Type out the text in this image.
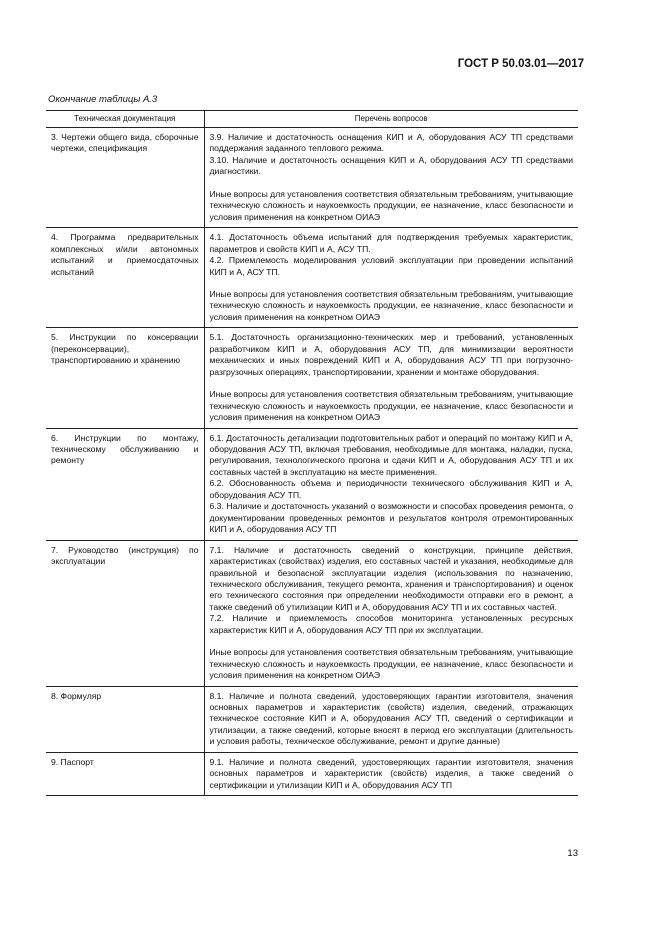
ГОСТ Р 50.03.01—2017
Окончание таблицы А.3
Техническая документация	Перечень вопросов
3. Чертежи общего вида, сборочные чертежи, спецификация	3.9. Наличие и достаточность оснащения КИП и А, оборудования АСУ ТП средствами поддержания заданного теплового режима.
3.10. Наличие и достаточность оснащения КИП и А, оборудования АСУ ТП средствами диагностики.
Иные вопросы для установления соответствия обязательным требованиям, учитывающие техническую сложность и наукоемкость продукции, ее назначение, класс безопасности и условия применения на конкретном ОИАЭ

4. Программа предварительных комплексных и/или автономных испытаний и приемосдаточных испытаний	4.1. Достаточность объема испытаний для подтверждения требуемых характеристик, параметров и свойств КИП и А, АСУ ТП.
4.2. Приемлемость моделирования условий эксплуатации при проведении испытаний КИП и А, АСУ ТП.
Иные вопросы для установления соответствия обязательным требованиям, учитывающие техническую сложность и наукоемкость продукции, ее назначение, класс безопасности и условия применения на конкретном ОИАЭ

5. Инструкции по консервации (переконсервации), транспортированию и хранению	5.1. Достаточность организационно-технических мер и требований, установленных разработчиком КИП и А, оборудования АСУ ТП, для минимизации вероятности механических и иных повреждений КИП и А, оборудования АСУ ТП при погрузочно-разгрузочных операциях, транспортировании, хранении и монтаже оборудования.
Иные вопросы для установления соответствия обязательным требованиям, учитывающие техническую сложность и наукоемкость продукции, ее назначение, класс безопасности и условия применения на конкретном ОИАЭ

6. Инструкции по монтажу, техническому обслуживанию и ремонту	6.1. Достаточность детализации подготовительных работ и операций по монтажу КИП и А, оборудования АСУ ТП, включая требования, необходимые для монтажа, наладки, пуска, регулирования, технологического прогона и сдачи КИП и А, оборудования АСУ ТП и их составных частей в эксплуатацию на месте применения.
6.2. Обоснованность объема и периодичности технического обслуживания КИП и А, оборудования АСУ ТП.
6.3. Наличие и достаточность указаний о возможности и способах проведения ремонта, о документировании проведенных ремонтов и результатов контроля отремонтированных КИП и А, оборудования АСУ ТП

7. Руководство (инструкция) по эксплуатации	7.1. Наличие и достаточность сведений о конструкции, принципе действия, характеристиках (свойствах) изделия, его составных частей и указания, необходимые для правильной и безопасной эксплуатации изделия (использования по назначению, технического обслуживания, текущего ремонта, хранения и транспортирования) и оценок его технического состояния при определении необходимости отправки его в ремонт, а также сведений об утилизации КИП и А, оборудования АСУ ТП и их составных частей.
7.2. Наличие и приемлемость способов мониторинга установленных ресурсных характеристик КИП и А, оборудования АСУ ТП при их эксплуатации.
Иные вопросы для установления соответствия обязательным требованиям, учитывающие техническую сложность и наукоемкость продукции, ее назначение, класс безопасности и условия применения на конкретном ОИАЭ

8. Формуляр	8.1. Наличие и полнота сведений, удостоверяющих гарантии изготовителя, значения основных параметров и характеристик (свойств) изделия, сведений, отражающих техническое состояние КИП и А, оборудования АСУ ТП, сведений о сертификации и утилизации, а также сведений, которые вносят в период его эксплуатации (длительность и условия работы, техническое обслуживание, ремонт и другие данные)

9. Паспорт	9.1. Наличие и полнота сведений, удостоверяющих гарантии изготовителя, значения основных параметров и характеристик (свойств) изделия, а также сведений о сертификации и утилизации КИП и А, оборудования АСУ ТП
13
